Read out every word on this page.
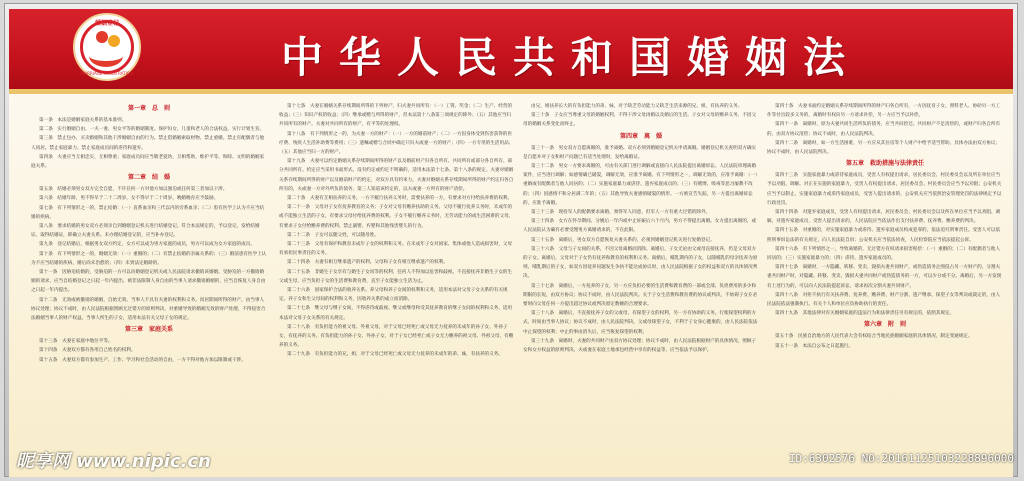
婚姻登记
MARRIAGE REGISTRATION	中华人民共和国婚姻法

第一章　总　则

第一条　本法是婚姻家庭关系的基本准则。

第二条　实行婚姻自由、一夫一妻、男女平等的婚姻制度。保护妇女、儿童和老人的合法权益。实行计划生育。

第三条　禁止包办、买卖婚姻和其他干涉婚姻自由的行为。禁止借婚姻索取财物。禁止重婚。禁止有配偶者与他人同居。禁止家庭暴力。禁止家庭成员间的虐待和遗弃。

第四条　夫妻应当互相忠实，互相尊重；家庭成员间应当敬老爱幼，互相帮助，维护平等、和睦、文明的婚姻家庭关系。

第二章　结　婚

第五条　结婚必须男女双方完全自愿，不许任何一方对他方加以强迫或任何第三者加以干涉。

第六条　结婚年龄，男不得早于二十二周岁，女不得早于二十周岁。晚婚晚育应予鼓励。

第七条　有下列情形之一的，禁止结婚：（一）直系血亲和三代以内的旁系血亲；（二）患有医学上认为不应当结婚的疾病。

第八条　要求结婚的男女双方必须亲自到婚姻登记机关进行结婚登记。符合本法规定的，予以登记，发给结婚证。取得结婚证，即确立夫妻关系。未办理结婚登记的，应当补办登记。

第九条　登记结婚后，根据男女双方约定，女方可以成为男方家庭的成员，男方可以成为女方家庭的成员。

第十条　有下列情形之一的，婚姻无效：（一）重婚的；（二）有禁止结婚的亲属关系的；（三）婚前患有医学上认为不应当结婚的疾病，婚后尚未治愈的；（四）未到法定婚龄的。

第十一条　因胁迫结婚的，受胁迫的一方可以向婚姻登记机关或人民法院请求撤销该婚姻。受胁迫的一方撤销婚姻的请求，应当自结婚登记之日起一年内提出。被非法限制人身自由的当事人请求撤销婚姻的，应当自恢复人身自由之日起一年内提出。

第十二条　无效或被撤销的婚姻，自始无效。当事人不具有夫妻的权利和义务。同居期间所得的财产，由当事人协议处理；协议不成时，由人民法院根据照顾无过错方的原则判决。对重婚导致的婚姻无效的财产处理，不得侵害合法婚姻当事人的财产权益。当事人所生的子女，适用本法有关父母子女的规定。

第三章　家庭关系

第十三条　夫妻在家庭中地位平等。

第十四条　夫妻双方都有各用自己姓名的权利。

第十五条　夫妻双方都有参加生产、工作、学习和社会活动的自由，一方不得对他方加以限制或干涉。

第十七条　夫妻在婚姻关系存续期间所得的下列财产，归夫妻共同所有：（一）工资、奖金；（二）生产、经营的收益；（三）知识产权的收益；（四）继承或赠与所得的财产，但本法第十八条第三项规定的除外；（五）其他应当归共同所有的财产。夫妻对共同所有的财产，有平等的处理权。

第十八条　有下列情形之一的，为夫妻一方的财产：（一）一方的婚前财产；（二）一方因身体受到伤害获得的医疗费、残疾人生活补助费等费用；（三）遗嘱或赠与合同中确定只归夫或妻一方的财产；（四）一方专用的生活用品；（五）其他应当归一方的财产。

第十九条　夫妻可以约定婚姻关系存续期间所得的财产以及婚前财产归各自所有、共同所有或部分各自所有、部分共同所有。约定应当采用书面形式。没有约定或约定不明确的，适用本法第十七条、第十八条的规定。夫妻对婚姻关系存续期间所得的财产以及婚前财产的约定，对双方具有约束力。夫妻对婚姻关系存续期间所得的财产约定归各自所有的，夫或妻一方对外所负的债务，第三人知道该约定的，以夫或妻一方所有的财产清偿。

第二十条　夫妻有互相扶养的义务。一方不履行扶养义务时，需要扶养的一方，有要求对方付给扶养费的权利。

第二十一条　父母对子女有抚养教育的义务；子女对父母有赡养扶助的义务。父母不履行抚养义务时，未成年的或不能独立生活的子女，有要求父母付给抚养费的权利。子女不履行赡养义务时，无劳动能力的或生活困难的父母，有要求子女付给赡养费的权利。禁止溺婴、弃婴和其他残害婴儿的行为。

第二十二条　子女可以随父姓，可以随母姓。

第二十三条　父母有保护和教育未成年子女的权利和义务。在未成年子女对国家、集体或他人造成损害时，父母有承担民事责任的义务。

第二十四条　夫妻有相互继承遗产的权利。父母和子女有相互继承遗产的权利。

第二十五条　非婚生子女享有与婚生子女同等的权利，任何人不得加以危害和歧视。不直接抚养非婚生子女的生父或生母，应当负担子女的生活费和教育费，直至子女能独立生活为止。

第二十六条　国家保护合法的收养关系。养父母和养子女间的权利和义务，适用本法对父母子女关系的有关规定。养子女和生父母间的权利和义务，因收养关系的成立而消除。

第二十七条　继父母与继子女间，不得虐待或歧视。继父或继母和受其抚养教育的继子女间的权利和义务，适用本法对父母子女关系的有关规定。

第二十八条　有负担能力的祖父母、外祖父母，对于父母已经死亡或父母无力抚养的未成年的孙子女、外孙子女，有抚养的义务。有负担能力的孙子女、外孙子女，对于子女已经死亡或子女无力赡养的祖父母、外祖父母，有赡养的义务。

第二十九条　有负担能力的兄、姐，对于父母已经死亡或父母无力抚养的未成年的弟、妹，有扶养的义务。

由兄、姐扶养长大的有负担能力的弟、妹，对于缺乏劳动能力又缺乏生活来源的兄、姐，有扶养的义务。

第三十条　子女应当尊重父母的婚姻权利，不得干涉父母再婚以及婚后的生活。子女对父母的赡养义务，不因父母的婚姻关系变化而终止。

第四章　离　婚

第三十一条　男女双方自愿离婚的，准予离婚。双方必须到婚姻登记机关申请离婚。婚姻登记机关查明双方确实是自愿并对子女和财产问题已有适当处理时，发给离婚证。

第三十二条　男女一方要求离婚的，可由有关部门进行调解或直接向人民法院提出离婚诉讼。人民法院审理离婚案件，应当进行调解；如感情确已破裂，调解无效，应准予离婚。有下列情形之一，调解无效的，应准予离婚：（一）重婚或有配偶者与他人同居的；（二）实施家庭暴力或虐待、遗弃家庭成员的；（三）有赌博、吸毒等恶习屡教不改的；（四）因感情不和分居满二年的；（五）其他导致夫妻感情破裂的情形。一方被宣告失踪，另一方提出离婚诉讼的，应准予离婚。

第三十三条　现役军人的配偶要求离婚，须得军人同意，但军人一方有重大过错的除外。

第三十四条　女方在怀孕期间、分娩后一年内或中止妊娠后六个月内，男方不得提出离婚。女方提出离婚的，或人民法院认为确有必要受理男方离婚请求的，不在此限。

第三十五条　离婚后，男女双方自愿恢复夫妻关系的，必须到婚姻登记机关进行复婚登记。

第三十六条　父母与子女间的关系，不因父母离婚而消除。离婚后，子女无论由父或母直接抚养，仍是父母双方的子女。离婚后，父母对于子女仍有抚养和教育的权利和义务。离婚后，哺乳期内的子女，以随哺乳的母亲抚养为原则。哺乳期后的子女，如双方因抚养问题发生争执不能达成协议时，由人民法院根据子女的权益和双方的具体情况判决。

第三十七条　离婚后，一方抚养的子女，另一方应负担必要的生活费和教育费的一部或全部，负担费用的多少和期限的长短，由双方协议；协议不成时，由人民法院判决。关于子女生活费和教育费的协议或判决，不妨碍子女在必要时向父母任何一方提出超过协议或判决原定数额的合理要求。

第三十八条　离婚后，不直接抚养子女的父或母，有探望子女的权利，另一方有协助的义务。行使探望权利的方式、时间由当事人协议；协议不成时，由人民法院判决。父或母探望子女，不利于子女身心健康的，由人民法院依法中止探望的权利；中止的事由消失后，应当恢复探望的权利。

第三十九条　离婚时，夫妻的共同财产由双方协议处理；协议不成时，由人民法院根据财产的具体情况，照顾子女和女方权益的原则判决。夫或妻在家庭土地承包经营中享有的权益等，应当依法予以保护。

第四十条　夫妻书面约定婚姻关系存续期间所得的财产归各自所有，一方因抚育子女、照料老人、协助另一方工作等付出较多义务的，离婚时有权向另一方请求补偿，另一方应当予以补偿。

第四十一条　离婚时，原为夫妻共同生活所负的债务，应当共同偿还。共同财产不足清偿的，或财产归各自所有的，由双方协议清偿；协议不成时，由人民法院判决。

第四十二条　离婚时，如一方生活困难，另一方应从其住房等个人财产中给予适当帮助。具体办法由双方协议；协议不成时，由人民法院判决。

第五章　救助措施与法律责任

第四十三条　实施家庭暴力或虐待家庭成员，受害人有权提出请求，居民委员会、村民委员会以及所在单位应当予以劝阻、调解。对正在实施的家庭暴力，受害人有权提出请求，居民委员会、村民委员会应当予以劝阻；公安机关应当予以制止。实施家庭暴力或虐待家庭成员，受害人提出请求的，公安机关应当依照治安管理处罚的法律规定予以行政处罚。

第四十四条　对遗弃家庭成员，受害人有权提出请求，居民委员会、村民委员会以及所在单位应当予以劝阻、调解。对遗弃家庭成员，受害人提出请求的，人民法院应当依法作出支付扶养费、抚养费、赡养费的判决。

第四十五条　对重婚的，对实施家庭暴力或虐待、遗弃家庭成员构成犯罪的，依法追究刑事责任。受害人可以依照刑事诉讼法的有关规定，向人民法院自诉；公安机关应当依法侦查，人民检察院应当依法提起公诉。

第四十六条　有下列情形之一，导致离婚的，无过错方有权请求损害赔偿：（一）重婚的；（二）有配偶者与他人同居的；（三）实施家庭暴力的；（四）虐待、遗弃家庭成员的。

第四十七条　离婚时，一方隐藏、转移、变卖、毁损夫妻共同财产，或伪造债务企图侵占另一方财产的，分割夫妻共同财产时，对隐藏、转移、变卖、毁损夫妻共同财产或伪造债务的一方，可以少分或不分。离婚后，另一方发现有上述行为的，可以向人民法院提起诉讼，请求再次分割夫妻共同财产。

第四十八条　对拒不执行有关扶养费、抚养费、赡养费、财产分割、遗产继承、探望子女等判决或裁定的，由人民法院依法强制执行。有关个人和单位应负协助执行的责任。

第四十九条　其他法律对有关婚姻家庭的违法行为和法律责任另有规定的，依照其规定。

第六章　附　则

第五十条　民族自治地方的人民代表大会有权结合当地民族婚姻家庭的具体情况，制定变通规定。

第五十一条　本法自公布之日起施行。

昵享网 www.nipic.cn	ID:6302576 NO:20161125103228896000
